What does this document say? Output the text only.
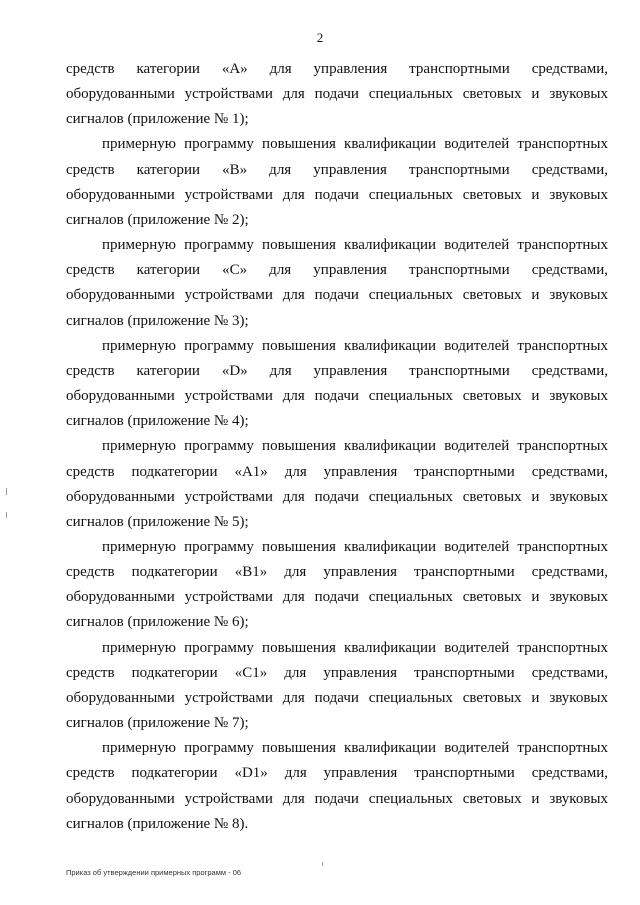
2

средств категории «А» для управления транспортными средствами, оборудованными устройствами для подачи специальных световых и звуковых сигналов (приложение № 1);

примерную программу повышения квалификации водителей транспортных средств категории «В» для управления транспортными средствами, оборудованными устройствами для подачи специальных световых и звуковых сигналов (приложение № 2);

примерную программу повышения квалификации водителей транспортных средств категории «С» для управления транспортными средствами, оборудованными устройствами для подачи специальных световых и звуковых сигналов (приложение № 3);

примерную программу повышения квалификации водителей транспортных средств категории «D» для управления транспортными средствами, оборудованными устройствами для подачи специальных световых и звуковых сигналов (приложение № 4);

примерную программу повышения квалификации водителей транспортных средств подкатегории «А1» для управления транспортными средствами, оборудованными устройствами для подачи специальных световых и звуковых сигналов (приложение № 5);

примерную программу повышения квалификации водителей транспортных средств подкатегории «В1» для управления транспортными средствами, оборудованными устройствами для подачи специальных световых и звуковых сигналов (приложение № 6);

примерную программу повышения квалификации водителей транспортных средств подкатегории «С1» для управления транспортными средствами, оборудованными устройствами для подачи специальных световых и звуковых сигналов (приложение № 7);

примерную программу повышения квалификации водителей транспортных средств подкатегории «D1» для управления транспортными средствами, оборудованными устройствами для подачи специальных световых и звуковых сигналов (приложение № 8).

Приказ об утверждении примерных программ - 06
